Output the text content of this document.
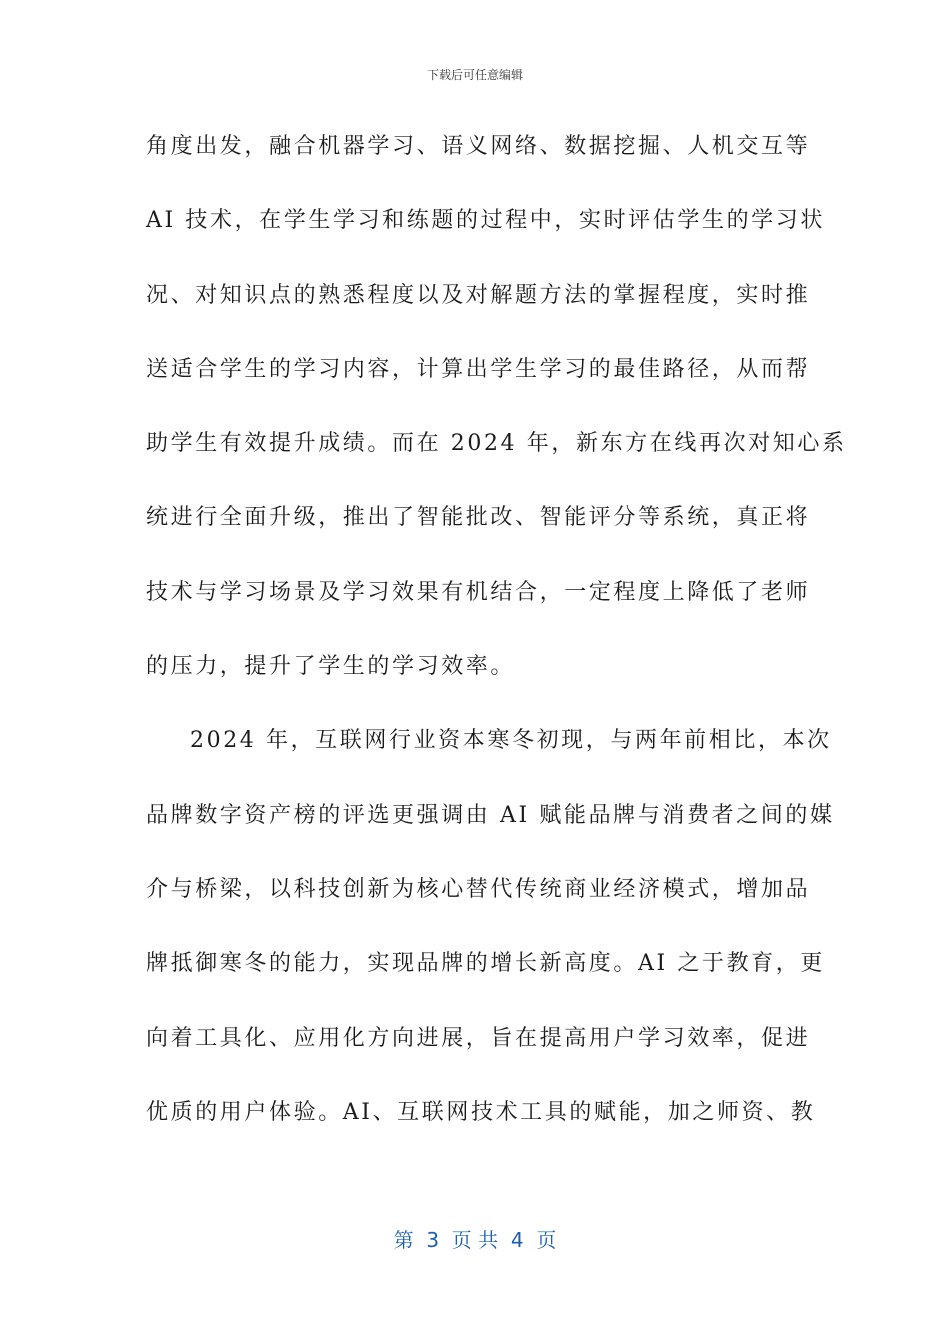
下载后可任意编辑
角度出发，融合机器学习、语义网络、数据挖掘、人机交互等
AI 技术，在学生学习和练题的过程中，实时评估学生的学习状
况、对知识点的熟悉程度以及对解题方法的掌握程度，实时推
送适合学生的学习内容，计算出学生学习的最佳路径，从而帮
助学生有效提升成绩。而在 2024 年，新东方在线再次对知心系
统进行全面升级，推出了智能批改、智能评分等系统，真正将
技术与学习场景及学习效果有机结合，一定程度上降低了老师
的压力，提升了学生的学习效率。
2024 年，互联网行业资本寒冬初现，与两年前相比，本次
品牌数字资产榜的评选更强调由 AI 赋能品牌与消费者之间的媒
介与桥梁，以科技创新为核心替代传统商业经济模式，增加品
牌抵御寒冬的能力，实现品牌的增长新高度。AI 之于教育，更
向着工具化、应用化方向进展，旨在提高用户学习效率，促进
优质的用户体验。AI、互联网技术工具的赋能，加之师资、教
第  3  页 共  4  页
